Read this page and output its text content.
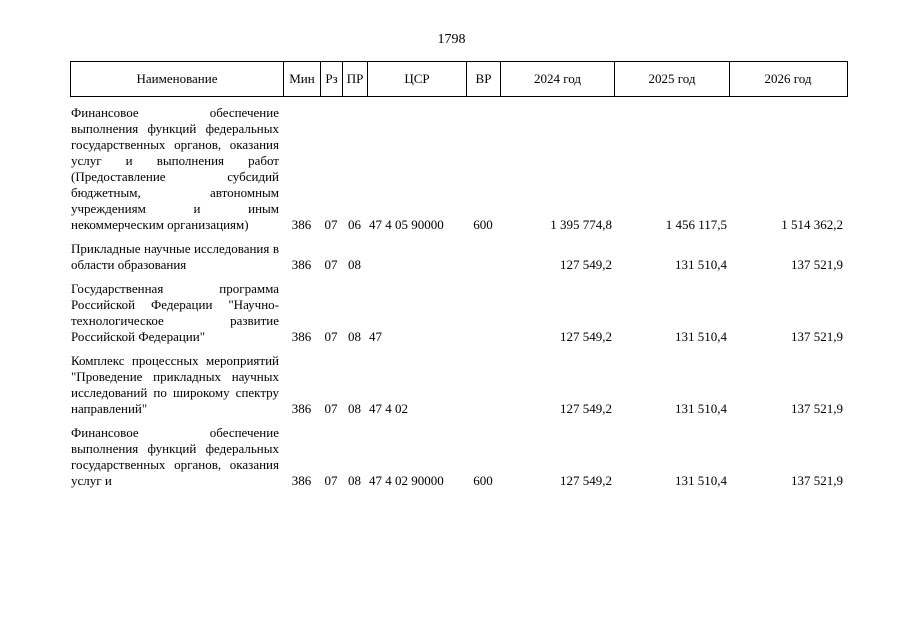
1798
Наименование	Мин Рз ПР	ЦСР	ВР	2024 год	2025 год	2026 год
Финансовое обеспечение выполнения функций федеральных государственных органов, оказания услуг и выполнения работ (Предоставление субсидий бюджетным, автономным учреждениям и иным некоммерческим организациям)	386	07 06 47 4 05 90000	600	1 395 774,8	1 456 117,5	1 514 362,2
Прикладные научные исследования в области образования	386	07 08	127 549,2	131 510,4	137 521,9
Государственная программа Российской Федерации "Научно-технологическое развитие Российской Федерации"	386	07 08 47	127 549,2	131 510,4	137 521,9
Комплекс процессных мероприятий "Проведение прикладных научных исследований по широкому спектру направлений"	386	07 08 47 4 02	127 549,2	131 510,4	137 521,9
Финансовое обеспечение выполнения функций федеральных государственных органов, оказания услуг и	386	07 08 47 4 02 90000	600	127 549,2	131 510,4	137 521,9
